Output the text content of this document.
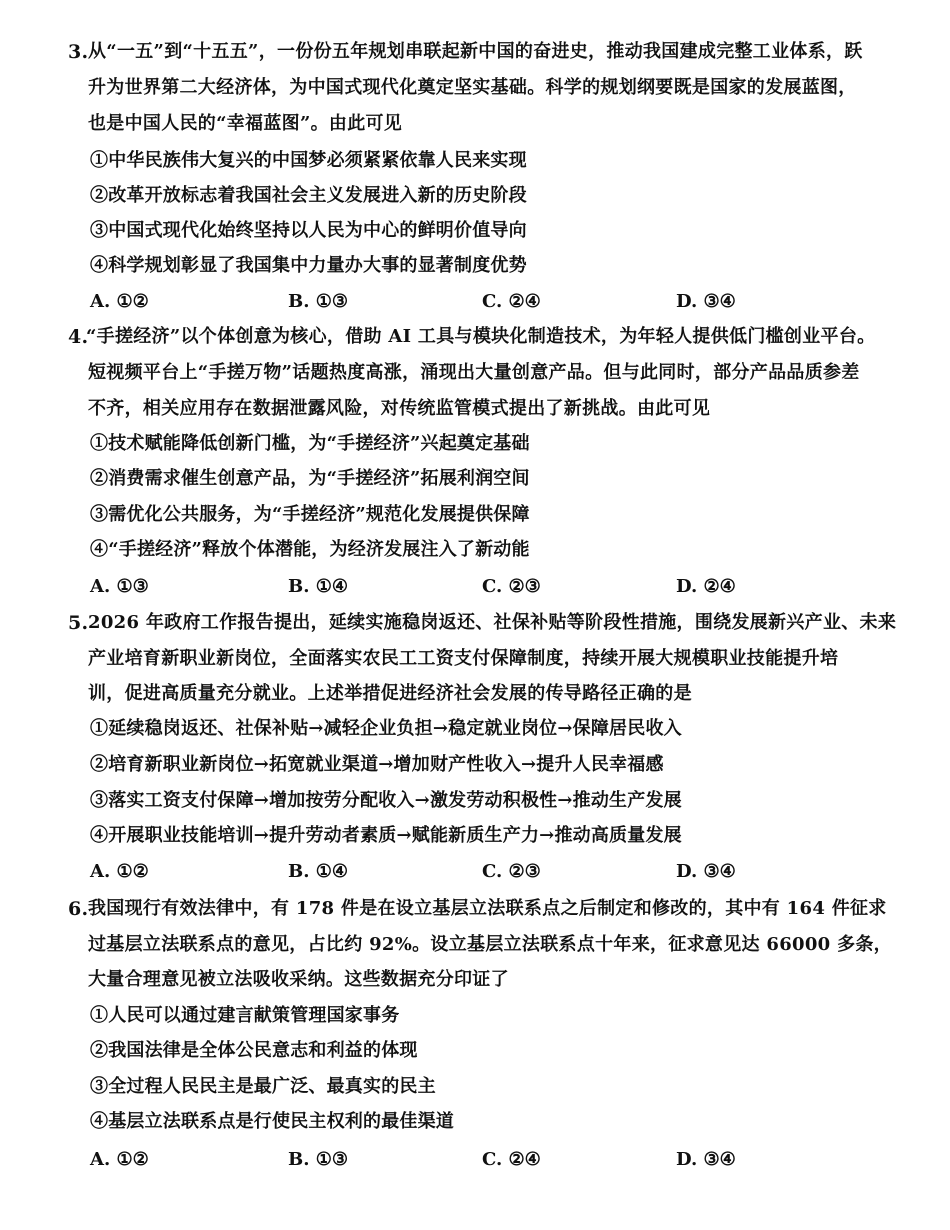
3. 从“一五”到“十五五”，一份份五年规划串联起新中国的奋进史，推动我国建成完整工业体系，跃
升为世界第二大经济体，为中国式现代化奠定坚实基础。科学的规划纲要既是国家的发展蓝图，
也是中国人民的“幸福蓝图”。由此可见
①中华民族伟大复兴的中国梦必须紧紧依靠人民来实现
②改革开放标志着我国社会主义发展进入新的历史阶段
③中国式现代化始终坚持以人民为中心的鲜明价值导向
④科学规划彰显了我国集中力量办大事的显著制度优势
A. ①②	B. ①③	C. ②④	D. ③④
4.
“手搓经济”以个体创意为核心，借助 AI 工具与模块化制造技术，为年轻人提供低门槛创业平台。
短视频平台上“手搓万物”话题热度高涨，涌现出大量创意产品。但与此同时，部分产品品质参差
不齐，相关应用存在数据泄露风险，对传统监管模式提出了新挑战。由此可见
①技术赋能降低创新门槛，为“手搓经济”兴起奠定基础
②消费需求催生创意产品，为“手搓经济”拓展利润空间
③需优化公共服务，为“手搓经济”规范化发展提供保障
④“手搓经济”释放个体潜能，为经济发展注入了新动能
A. ①③	B. ①④	C. ②③	D. ②④
5. 2026 年政府工作报告提出，延续实施稳岗返还、社保补贴等阶段性措施，围绕发展新兴产业、未来
产业培育新职业新岗位，全面落实农民工工资支付保障制度，持续开展大规模职业技能提升培
训，促进高质量充分就业。上述举措促进经济社会发展的传导路径正确的是
①延续稳岗返还、社保补贴→减轻企业负担→稳定就业岗位→保障居民收入
②培育新职业新岗位→拓宽就业渠道→增加财产性收入→提升人民幸福感
③落实工资支付保障→增加按劳分配收入→激发劳动积极性→推动生产发展
④开展职业技能培训→提升劳动者素质→赋能新质生产力→推动高质量发展
A. ①②	B. ①④	C. ②③	D. ③④
6. 我国现行有效法律中，有 178 件是在设立基层立法联系点之后制定和修改的，其中有 164 件征求
过基层立法联系点的意见，占比约 92%。设立基层立法联系点十年来，征求意见达 66000 多条，
大量合理意见被立法吸收采纳。这些数据充分印证了
①人民可以通过建言献策管理国家事务
②我国法律是全体公民意志和利益的体现
③全过程人民民主是最广泛、最真实的民主
④基层立法联系点是行使民主权利的最佳渠道
A. ①②	B. ①③	C. ②④	D. ③④
